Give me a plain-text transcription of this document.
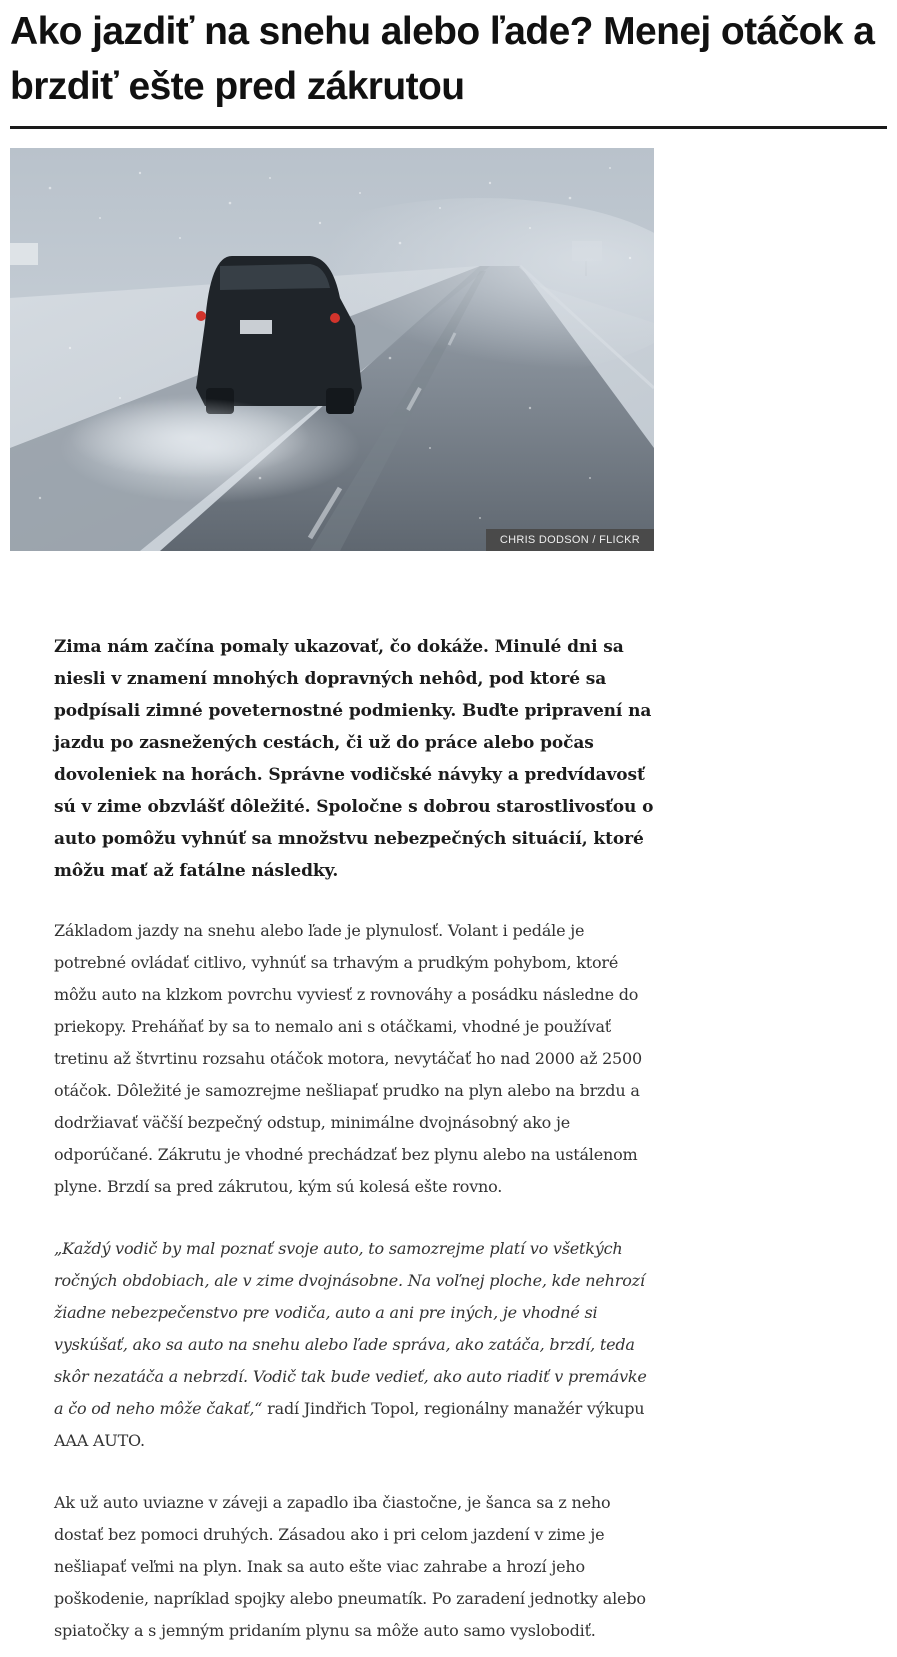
Ako jazdiť na snehu alebo ľade? Menej otáčok a brzdiť ešte pred zákrutou
CHRIS DODSON / FLICKR

Zima nám začína pomaly ukazovať, čo dokáže. Minulé dni sa niesli v znamení mnohých dopravných nehôd, pod ktoré sa podpísali zimné poveternostné podmienky. Buďte pripravení na jazdu po zasnežených cestách, či už do práce alebo počas dovoleniek na horách. Správne vodičské návyky a predvídavosť sú v zime obzvlášť dôležité. Spoločne s dobrou starostlivosťou o auto pomôžu vyhnúť sa množstvu nebezpečných situácií, ktoré môžu mať až fatálne následky.

Základom jazdy na snehu alebo ľade je plynulosť. Volant i pedále je potrebné ovládať citlivo, vyhnúť sa trhavým a prudkým pohybom, ktoré môžu auto na klzkom povrchu vyviesť z rovnováhy a posádku následne do priekopy. Preháňať by sa to nemalo ani s otáčkami, vhodné je používať tretinu až štvrtinu rozsahu otáčok motora, nevytáčať ho nad 2000 až 2500 otáčok. Dôležité je samozrejme nešliapať prudko na plyn alebo na brzdu a dodržiavať väčší bezpečný odstup, minimálne dvojnásobný ako je odporúčané. Zákrutu je vhodné prechádzať bez plynu alebo na ustálenom plyne. Brzdí sa pred zákrutou, kým sú kolesá ešte rovno.

„Každý vodič by mal poznať svoje auto, to samozrejme platí vo všetkých ročných obdobiach, ale v zime dvojnásobne. Na voľnej ploche, kde nehrozí žiadne nebezpečenstvo pre vodiča, auto a ani pre iných, je vhodné si vyskúšať, ako sa auto na snehu alebo ľade správa, ako zatáča, brzdí, teda skôr nezatáča a nebrzdí. Vodič tak bude vedieť, ako auto riadiť v premávke a čo od neho môže čakať,“ radí Jindřich Topol, regionálny manažér výkupu AAA AUTO.

Ak už auto uviazne v záveji a zapadlo iba čiastočne, je šanca sa z neho dostať bez pomoci druhých. Zásadou ako i pri celom jazdení v zime je nešliapať veľmi na plyn. Inak sa auto ešte viac zahrabe a hrozí jeho poškodenie, napríklad spojky alebo pneumatík. Po zaradení jednotky alebo spiatočky a s jemným pridaním plynu sa môže auto samo vyslobodiť.
